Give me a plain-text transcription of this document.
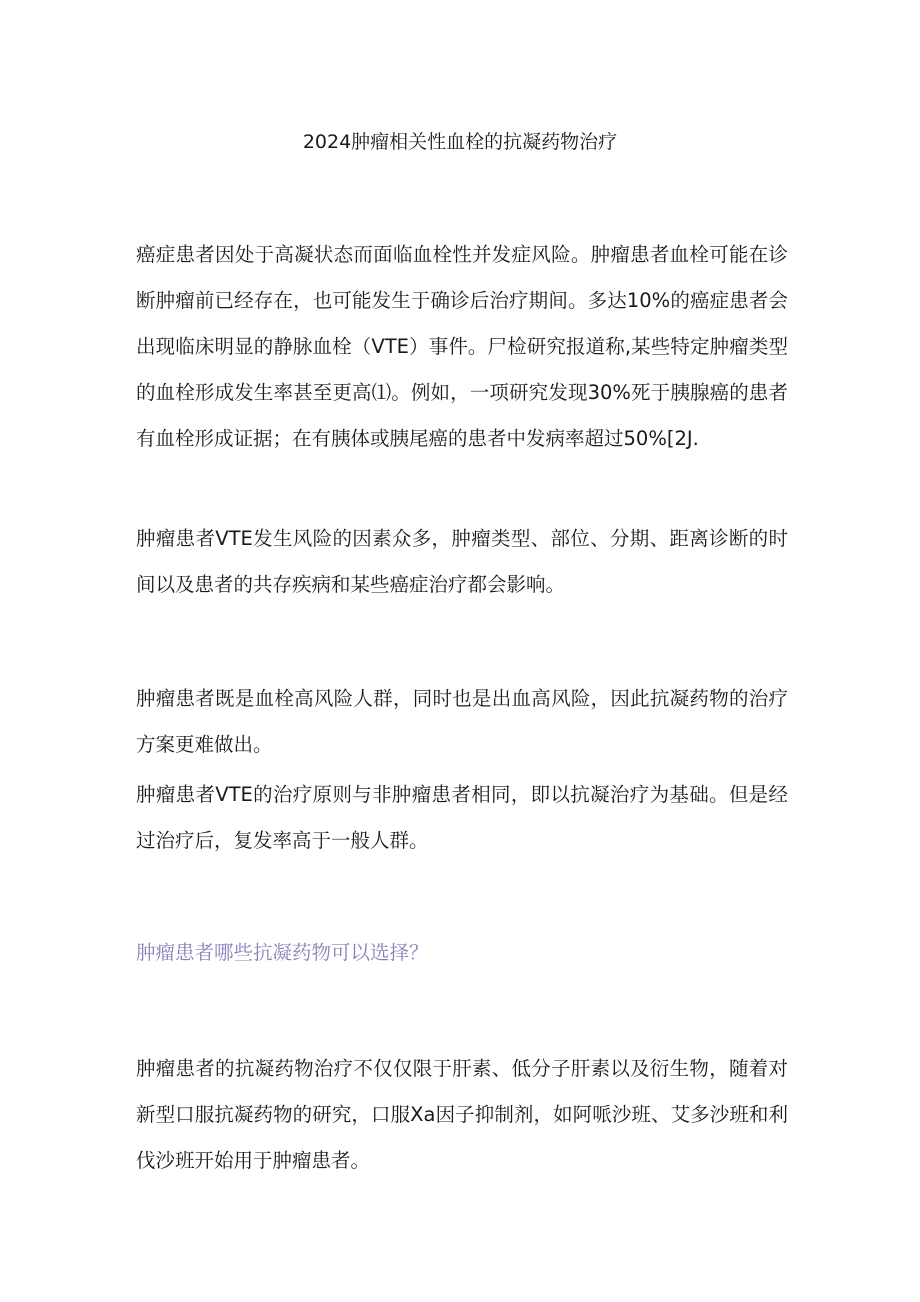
2024肿瘤相关性血栓的抗凝药物治疗

癌症患者因处于高凝状态而面临血栓性并发症风险。肿瘤患者血栓可能在诊断肿瘤前已经存在，也可能发生于确诊后治疗期间。多达10%的癌症患者会出现临床明显的静脉血栓（VTE）事件。尸检研究报道称,某些特定肿瘤类型的血栓形成发生率甚至更高⑴。例如，一项研究发现30%死于胰腺癌的患者有血栓形成证据；在有胰体或胰尾癌的患者中发病率超过50%[2J.

肿瘤患者VTE发生风险的因素众多，肿瘤类型、部位、分期、距离诊断的时间以及患者的共存疾病和某些癌症治疗都会影响。

肿瘤患者既是血栓高风险人群，同时也是出血高风险，因此抗凝药物的治疗方案更难做出。

肿瘤患者VTE的治疗原则与非肿瘤患者相同，即以抗凝治疗为基础。但是经过治疗后，复发率高于一般人群。

肿瘤患者哪些抗凝药物可以选择？

肿瘤患者的抗凝药物治疗不仅仅限于肝素、低分子肝素以及衍生物，随着对新型口服抗凝药物的研究，口服Xa因子抑制剂，如阿哌沙班、艾多沙班和利伐沙班开始用于肿瘤患者。
